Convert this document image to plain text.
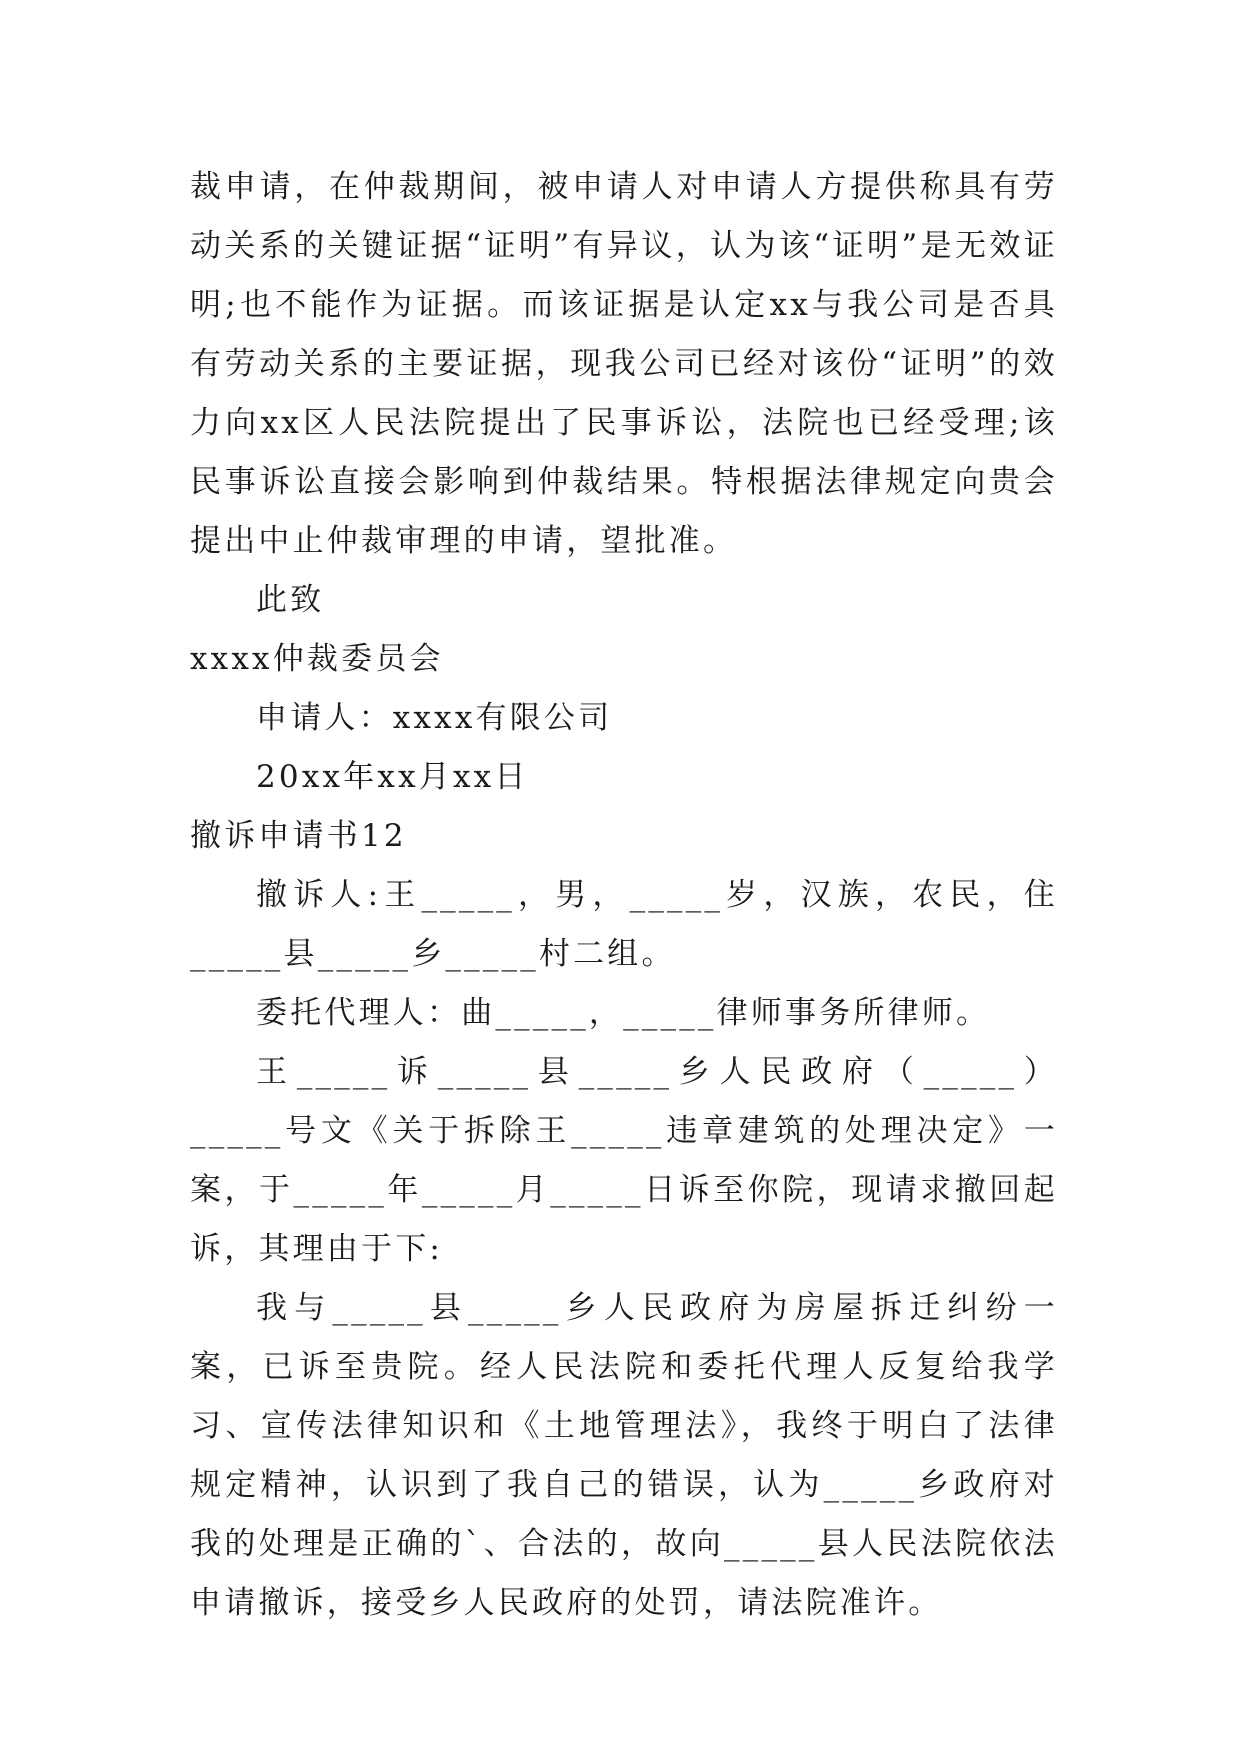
裁申请，在仲裁期间，被申请人对申请人方提供称具有劳动关系的关键证据“证明”有异议，认为该“证明”是无效证明;也不能作为证据。而该证据是认定xx与我公司是否具有劳动关系的主要证据，现我公司已经对该份“证明”的效力向xx区人民法院提出了民事诉讼，法院也已经受理;该民事诉讼直接会影响到仲裁结果。特根据法律规定向贵会提出中止仲裁审理的申请，望批准。

此致

xxxx仲裁委员会

申请人：xxxx有限公司

20xx年xx月xx日

撤诉申请书12

撤诉人:王_____，男，_____岁，汉族，农民，住_____县_____乡_____村二组。

委托代理人：曲_____，_____律师事务所律师。

王_____诉_____县_____乡人民政府（_____）_____号文《关于拆除王_____违章建筑的处理决定》一案，于_____年_____月_____日诉至你院，现请求撤回起诉，其理由于下:

我与_____县_____乡人民政府为房屋拆迁纠纷一案，已诉至贵院。经人民法院和委托代理人反复给我学习、宣传法律知识和《土地管理法》，我终于明白了法律规定精神，认识到了我自己的错误，认为_____乡政府对我的处理是正确的`、合法的，故向_____县人民法院依法申请撤诉，接受乡人民政府的处罚，请法院准许。
